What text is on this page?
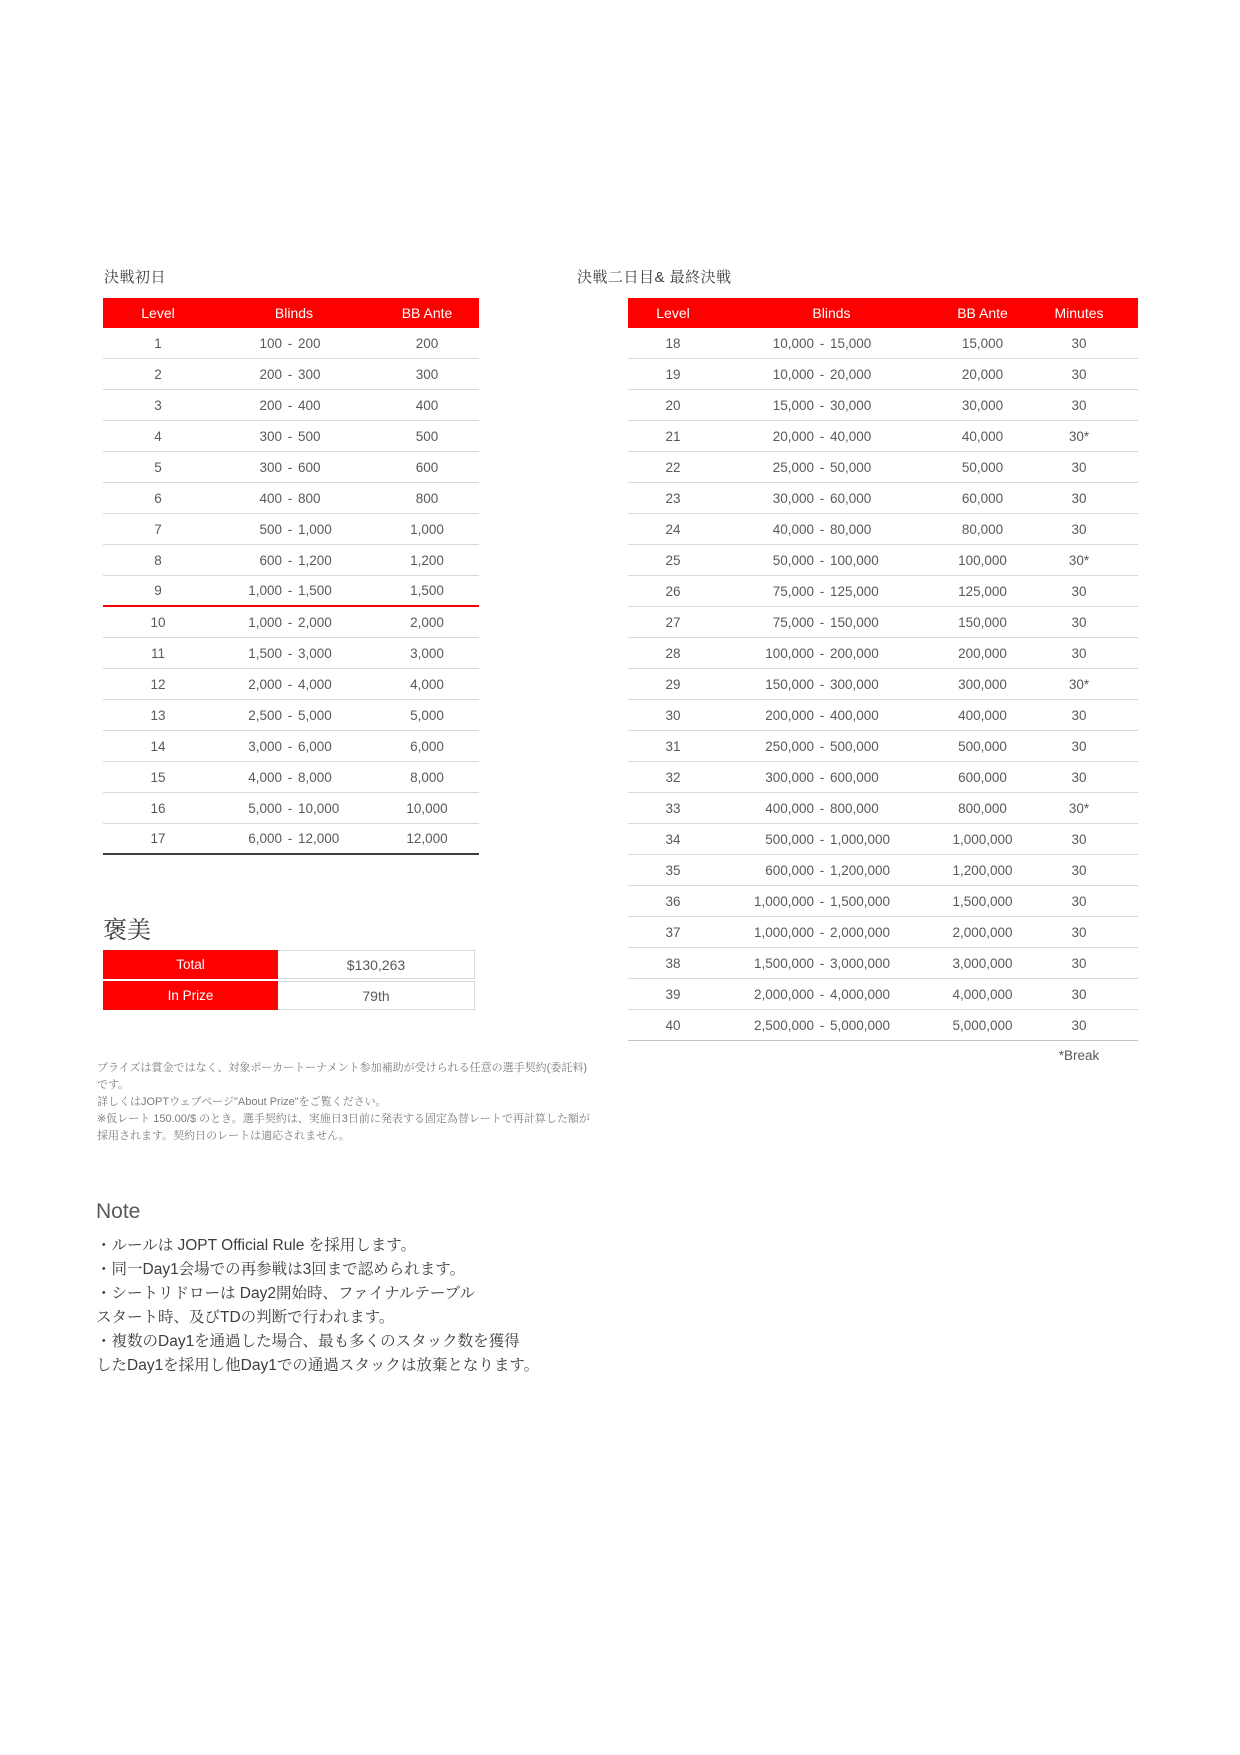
決戦初日
Level	Blinds	BB Ante
1	100 - 200	200
2	200 - 300	300
3	200 - 400	400
4	300 - 500	500
5	300 - 600	600
6	400 - 800	800
7	500 - 1,000	1,000
8	600 - 1,200	1,200
9	1,000 - 1,500	1,500
10	1,000 - 2,000	2,000
11	1,500 - 3,000	3,000
12	2,000 - 4,000	4,000
13	2,500 - 5,000	5,000
14	3,000 - 6,000	6,000
15	4,000 - 8,000	8,000
16	5,000 - 10,000	10,000
17	6,000 - 12,000	12,000
決戦二日目& 最終決戦
Level	Blinds	BB Ante	Minutes
18	10,000 - 15,000	15,000	30
19	10,000 - 20,000	20,000	30
20	15,000 - 30,000	30,000	30
21	20,000 - 40,000	40,000	30*
22	25,000 - 50,000	50,000	30
23	30,000 - 60,000	60,000	30
24	40,000 - 80,000	80,000	30
25	50,000 - 100,000	100,000	30*
26	75,000 - 125,000	125,000	30
27	75,000 - 150,000	150,000	30
28	100,000 - 200,000	200,000	30
29	150,000 - 300,000	300,000	30*
30	200,000 - 400,000	400,000	30
31	250,000 - 500,000	500,000	30
32	300,000 - 600,000	600,000	30
33	400,000 - 800,000	800,000	30*
34	500,000 - 1,000,000	1,000,000	30
35	600,000 - 1,200,000	1,200,000	30
36	1,000,000 - 1,500,000	1,500,000	30
37	1,000,000 - 2,000,000	2,000,000	30
38	1,500,000 - 3,000,000	3,000,000	30
39	2,000,000 - 4,000,000	4,000,000	30
40	2,500,000 - 5,000,000	5,000,000	30
*Break
褒美
Total	$130,263
In Prize	79th
プライズは賞金ではなく、対象ポーカートーナメント参加補助が受けられる任意の選手契約(委託料)
です。
詳しくはJOPTウェブページ"About Prize"をご覧ください。
※仮レート 150.00/$ のとき。選手契約は、実施日3日前に発表する固定為替レートで再計算した額が
採用されます。契約日のレートは適応されません。
Note
・ルールは JOPT Official Rule を採用します。
・同一Day1会場での再参戦は3回まで認められます。
・シートリドローは Day2開始時、ファイナルテーブル
スタート時、及びTDの判断で行われます。
・複数のDay1を通過した場合、最も多くのスタック数を獲得
したDay1を採用し他Day1での通過スタックは放棄となります。
